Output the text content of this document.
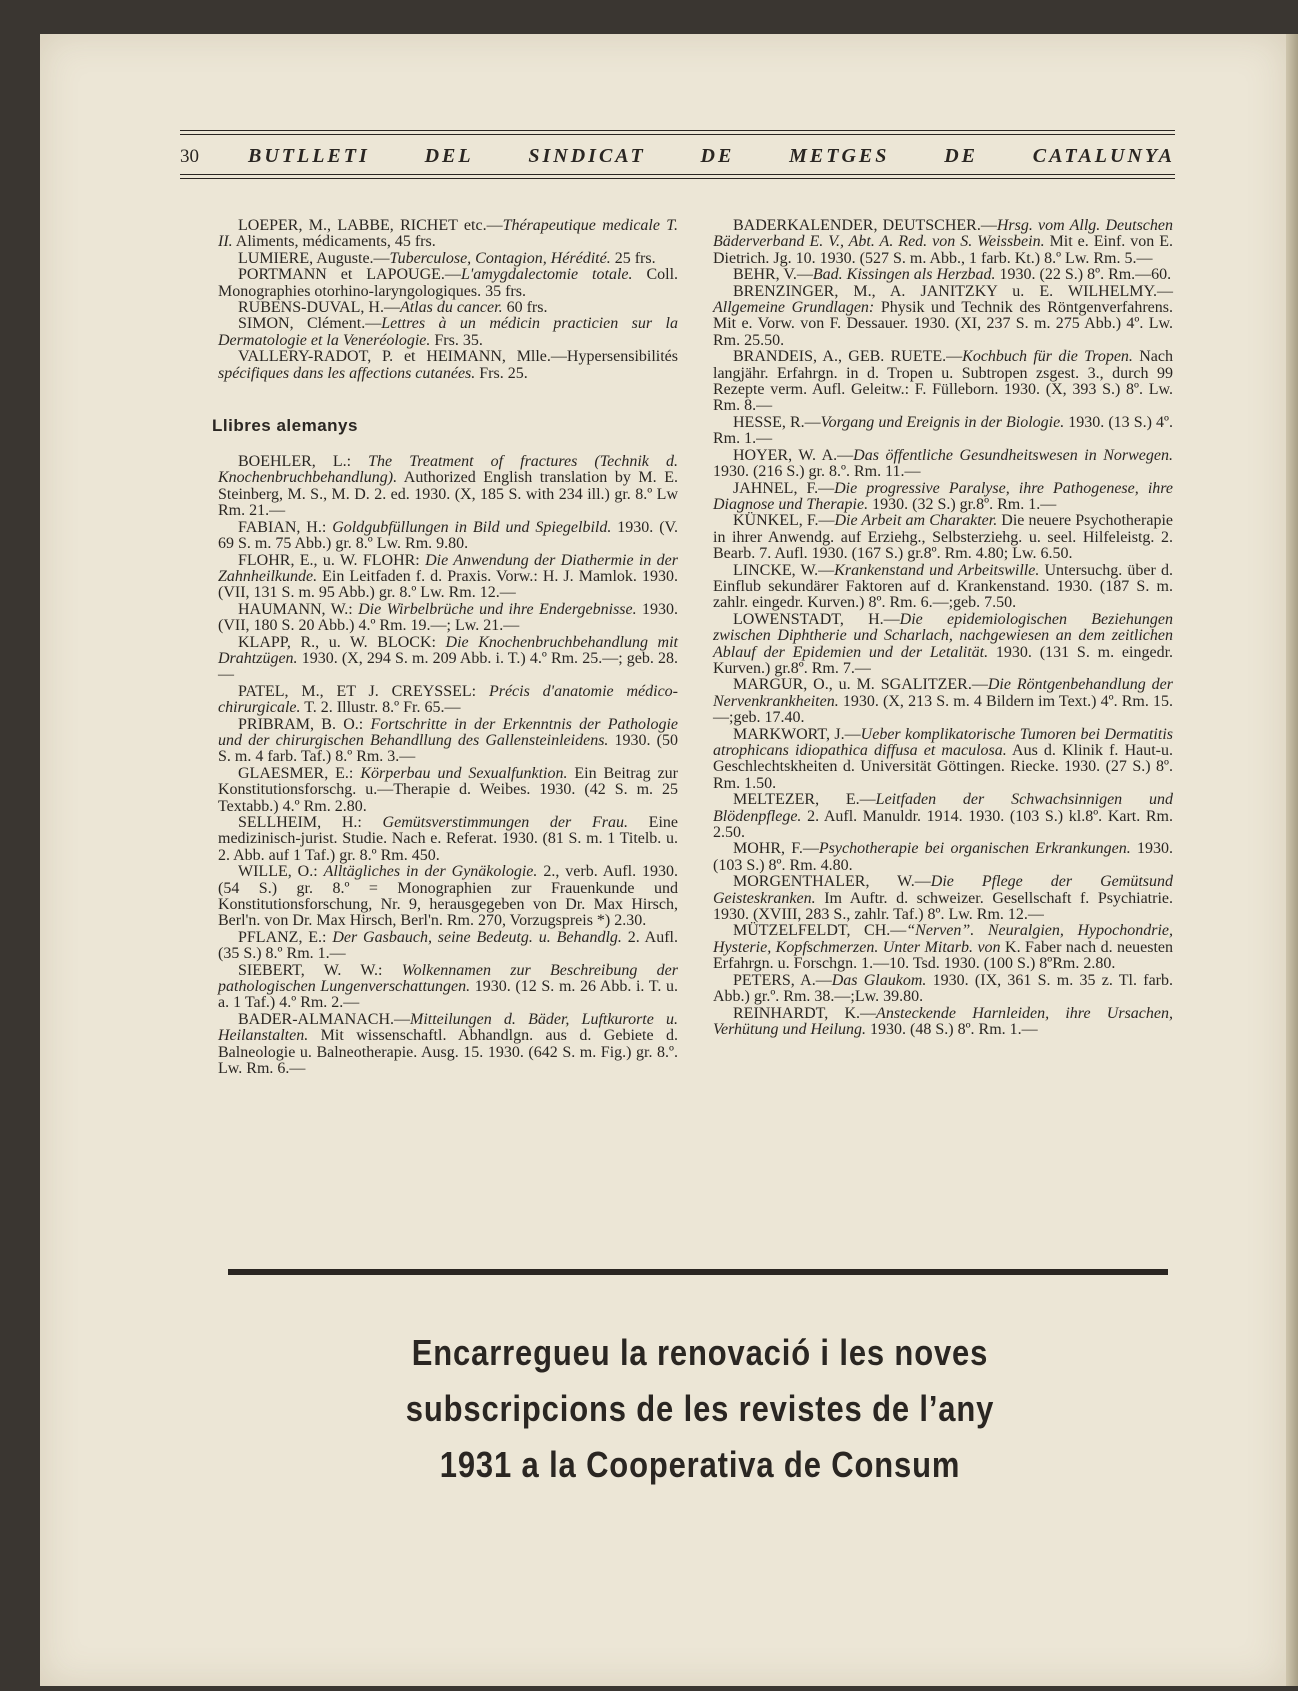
30	BUTLLETI	DEL	SINDICAT	DE	METGES	DE	CATALUNYA

LOEPER, M., LABBE, RICHET etc.—Thérapeutique medicale T. II. Aliments, médicaments, 45 frs.

LUMIERE, Auguste.—Tuberculose, Contagion, Hérédité. 25 frs.

PORTMANN et LAPOUGE.—L'amygdalectomie totale. Coll. Monographies otorhino-laryngologiques. 35 frs.

RUBENS-DUVAL, H.—Atlas du cancer. 60 frs.

SIMON, Clément.—Lettres à un médicin practicien sur la Dermatologie et la Veneréologie. Frs. 35.

VALLERY-RADOT, P. et HEIMANN, Mlle.—Hypersensibilités spécifiques dans les affections cutanées. Frs. 25.

Llibres alemanys

BOEHLER, L.: The Treatment of fractures (Technik d. Knochenbruchbehandlung). Authorized English translation by M. E. Steinberg, M. S., M. D. 2. ed. 1930. (X, 185 S. with 234 ill.) gr. 8.º Lw Rm. 21.—

FABIAN, H.: Goldgubfüllungen in Bild und Spiegelbild. 1930. (V. 69 S. m. 75 Abb.) gr. 8.º Lw. Rm. 9.80.

FLOHR, E., u. W. FLOHR: Die Anwendung der Diathermie in der Zahnheilkunde. Ein Leitfaden f. d. Praxis. Vorw.: H. J. Mamlok. 1930. (VII, 131 S. m. 95 Abb.) gr. 8.º Lw. Rm. 12.—

HAUMANN, W.: Die Wirbelbrüche und ihre Endergebnisse. 1930. (VII, 180 S. 20 Abb.) 4.º Rm. 19.—; Lw. 21.—

KLAPP, R., u. W. BLOCK: Die Knochenbruchbehandlung mit Drahtzügen. 1930. (X, 294 S. m. 209 Abb. i. T.) 4.º Rm. 25.—; geb. 28.—

PATEL, M., ET J. CREYSSEL: Précis d'anatomie médico-chirurgicale. T. 2. Illustr. 8.º Fr. 65.—

PRIBRAM, B. O.: Fortschritte in der Erkenntnis der Pathologie und der chirurgischen Behandllung des Gallensteinleidens. 1930. (50 S. m. 4 farb. Taf.) 8.º Rm. 3.—

GLAESMER, E.: Körperbau und Sexualfunktion. Ein Beitrag zur Konstitutionsforschg. u.—Therapie d. Weibes. 1930. (42 S. m. 25 Textabb.) 4.º Rm. 2.80.

SELLHEIM, H.: Gemütsverstimmungen der Frau. Eine medizinisch-jurist. Studie. Nach e. Referat. 1930. (81 S. m. 1 Titelb. u. 2. Abb. auf 1 Taf.) gr. 8.º Rm. 450.

WILLE, O.: Alltägliches in der Gynäkologie. 2., verb. Aufl. 1930. (54 S.) gr. 8.º = Monographien zur Frauenkunde und Konstitutionsforschung, Nr. 9, herausgegeben von Dr. Max Hirsch, Berl'n. von Dr. Max Hirsch, Berl'n. Rm. 270, Vorzugspreis *) 2.30.

PFLANZ, E.: Der Gasbauch, seine Bedeutg. u. Behandlg. 2. Aufl. (35 S.) 8.º Rm. 1.—

SIEBERT, W. W.: Wolkennamen zur Beschreibung der pathologischen Lungenverschattungen. 1930. (12 S. m. 26 Abb. i. T. u. a. 1 Taf.) 4.º Rm. 2.—

BADER-ALMANACH.—Mitteilungen d. Bäder, Luftkurorte u. Heilanstalten. Mit wissenschaftl. Abhandlgn. aus d. Gebiete d. Balneologie u. Balneotherapie. Ausg. 15. 1930. (642 S. m. Fig.) gr. 8.º. Lw. Rm. 6.—

BADERKALENDER, DEUTSCHER.—Hrsg. vom Allg. Deutschen Bäderverband E. V., Abt. A. Red. von S. Weissbein. Mit e. Einf. von E. Dietrich. Jg. 10. 1930. (527 S. m. Abb., 1 farb. Kt.) 8.º Lw. Rm. 5.—

BEHR, V.—Bad. Kissingen als Herzbad. 1930. (22 S.) 8º. Rm.—60.

BRENZINGER, M., A. JANITZKY u. E. WILHELMY.—Allgemeine Grundlagen: Physik und Technik des Röntgenverfahrens. Mit e. Vorw. von F. Dessauer. 1930. (XI, 237 S. m. 275 Abb.) 4º. Lw. Rm. 25.50.

BRANDEIS, A., GEB. RUETE.—Kochbuch für die Tropen. Nach langjähr. Erfahrgn. in d. Tropen u. Subtropen zsgest. 3., durch 99 Rezepte verm. Aufl. Geleitw.: F. Fülleborn. 1930. (X, 393 S.) 8º. Lw. Rm. 8.—

HESSE, R.—Vorgang und Ereignis in der Biologie. 1930. (13 S.) 4º. Rm. 1.—

HOYER, W. A.—Das öffentliche Gesundheitswesen in Norwegen. 1930. (216 S.) gr. 8.º. Rm. 11.—

JAHNEL, F.—Die progressive Paralyse, ihre Pathogenese, ihre Diagnose und Therapie. 1930. (32 S.) gr.8º. Rm. 1.—

KÜNKEL, F.—Die Arbeit am Charakter. Die neuere Psychotherapie in ihrer Anwendg. auf Erziehg., Selbsterziehg. u. seel. Hilfeleistg. 2. Bearb. 7. Aufl. 1930. (167 S.) gr.8º. Rm. 4.80; Lw. 6.50.

LINCKE, W.—Krankenstand und Arbeitswille. Untersuchg. über d. Einflub sekundärer Faktoren auf d. Krankenstand. 1930. (187 S. m. zahlr. eingedr. Kurven.) 8º. Rm. 6.—;geb. 7.50.

LOWENSTADT, H.—Die epidemiologischen Beziehungen zwischen Diphtherie und Scharlach, nachgewiesen an dem zeitlichen Ablauf der Epidemien und der Letalität. 1930. (131 S. m. eingedr. Kurven.) gr.8º. Rm. 7.—

MARGUR, O., u. M. SGALITZER.—Die Röntgenbehandlung der Nervenkrankheiten. 1930. (X, 213 S. m. 4 Bildern im Text.) 4º. Rm. 15.—;geb. 17.40.

MARKWORT, J.—Ueber komplikatorische Tumoren bei Dermatitis atrophicans idiopathica diffusa et maculosa. Aus d. Klinik f. Haut-u. Geschlechtskheiten d. Universität Göttingen. Riecke. 1930. (27 S.) 8º. Rm. 1.50.

MELTEZER, E.—Leitfaden der Schwachsinnigen und Blödenpflege. 2. Aufl. Manuldr. 1914. 1930. (103 S.) kl.8º. Kart. Rm. 2.50.

MOHR, F.—Psychotherapie bei organischen Erkrankungen. 1930. (103 S.) 8º. Rm. 4.80.

MORGENTHALER, W.—Die Pflege der Gemütsund Geisteskranken. Im Auftr. d. schweizer. Gesellschaft f. Psychiatrie. 1930. (XVIII, 283 S., zahlr. Taf.) 8º. Lw. Rm. 12.—

MÜTZELFELDT, CH.—“Nerven”. Neuralgien, Hypochondrie, Hysterie, Kopfschmerzen. Unter Mitarb. von K. Faber nach d. neuesten Erfahrgn. u. Forschgn. 1.—10. Tsd. 1930. (100 S.) 8ºRm. 2.80.

PETERS, A.—Das Glaukom. 1930. (IX, 361 S. m. 35 z. Tl. farb. Abb.) gr.º. Rm. 38.—;Lw. 39.80.

REINHARDT, K.—Ansteckende Harnleiden, ihre Ursachen, Verhütung und Heilung. 1930. (48 S.) 8º. Rm. 1.—

Encarregueu la renovació i les noves
subscripcions de les revistes de l’any
1931 a la Cooperativa de Consum
